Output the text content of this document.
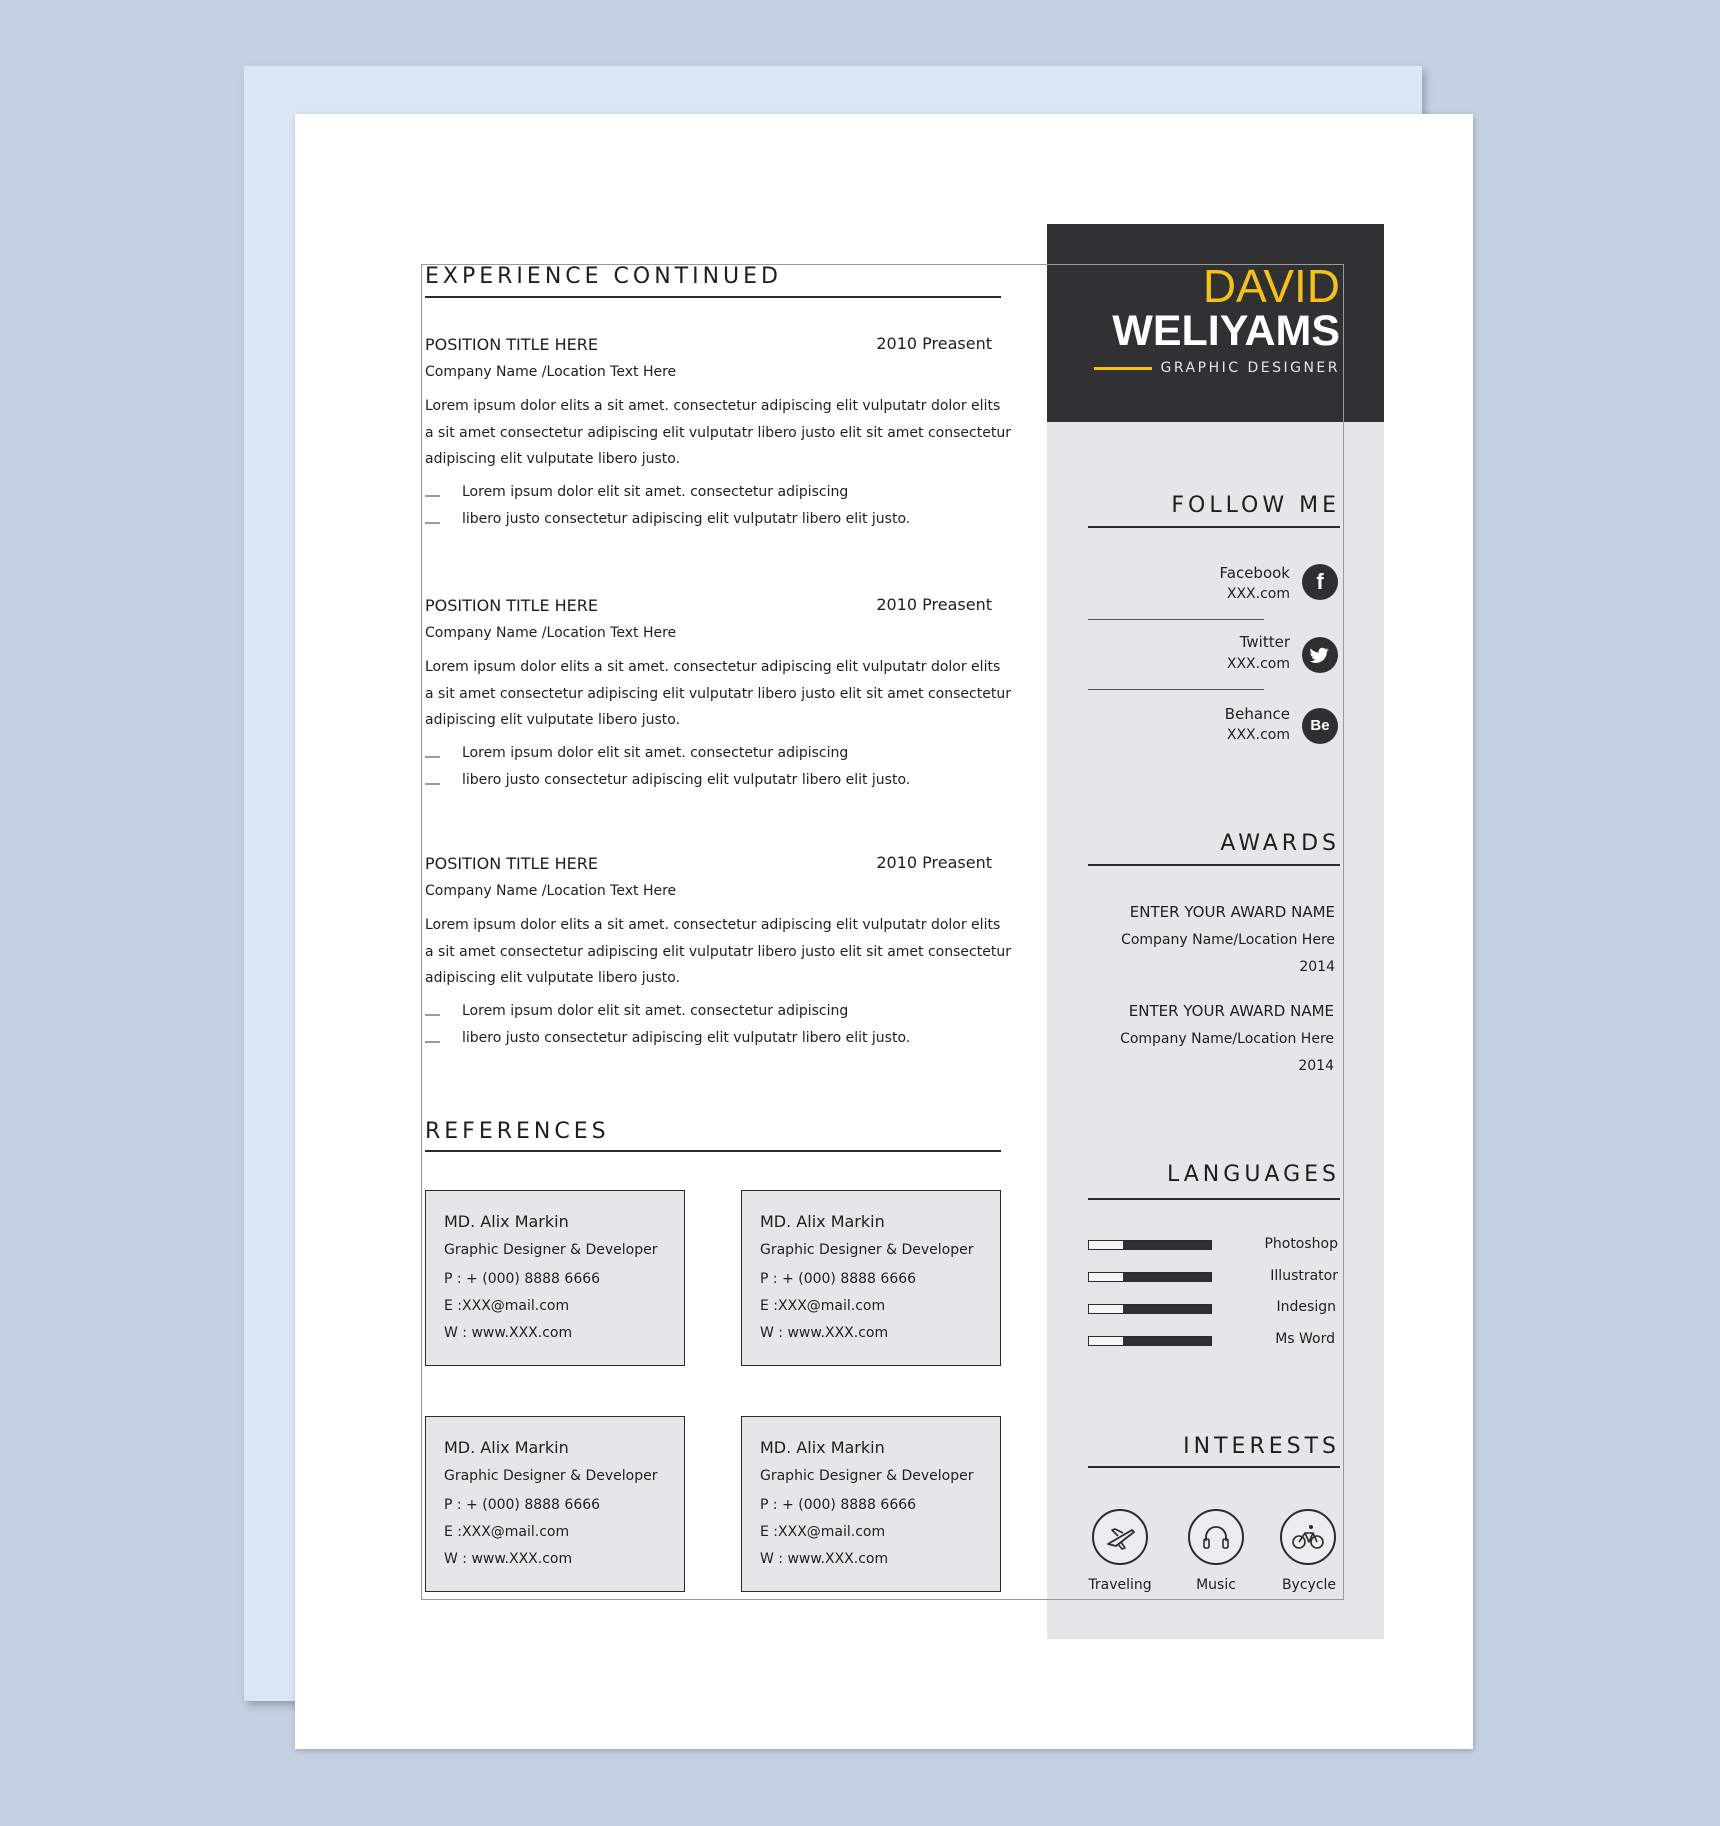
DAVID
WELIYAMS
GRAPHIC DESIGNER
EXPERIENCE CONTINUED
POSITION TITLE HERE	2010 Preasent
Company Name /Location Text Here
Lorem ipsum dolor elits a sit amet. consectetur adipiscing elit vulputatr dolor elits
a sit amet consectetur adipiscing elit vulputatr libero justo elit sit amet consectetur
adipiscing elit vulputate libero justo.
Lorem ipsum dolor elit sit amet. consectetur adipiscing
libero justo consectetur adipiscing elit vulputatr libero elit justo.
POSITION TITLE HERE	2010 Preasent
Company Name /Location Text Here
Lorem ipsum dolor elits a sit amet. consectetur adipiscing elit vulputatr dolor elits
a sit amet consectetur adipiscing elit vulputatr libero justo elit sit amet consectetur
adipiscing elit vulputate libero justo.
Lorem ipsum dolor elit sit amet. consectetur adipiscing
libero justo consectetur adipiscing elit vulputatr libero elit justo.
POSITION TITLE HERE	2010 Preasent
Company Name /Location Text Here
Lorem ipsum dolor elits a sit amet. consectetur adipiscing elit vulputatr dolor elits
a sit amet consectetur adipiscing elit vulputatr libero justo elit sit amet consectetur
adipiscing elit vulputate libero justo.
Lorem ipsum dolor elit sit amet. consectetur adipiscing
libero justo consectetur adipiscing elit vulputatr libero elit justo.
REFERENCES
MD. Alix Markin
Graphic Designer & Developer
P : + (000) 8888 6666
E :XXX@mail.com
W : www.XXX.com
MD. Alix Markin
Graphic Designer & Developer
P : + (000) 8888 6666
E :XXX@mail.com
W : www.XXX.com
MD. Alix Markin
Graphic Designer & Developer
P : + (000) 8888 6666
E :XXX@mail.com
W : www.XXX.com
MD. Alix Markin
Graphic Designer & Developer
P : + (000) 8888 6666
E :XXX@mail.com
W : www.XXX.com
FOLLOW ME
Facebook
XXX.com	f
Twitter
XXX.com
Behance
XXX.com
Be
AWARDS
ENTER YOUR AWARD NAME
Company Name/Location Here
2014
ENTER YOUR AWARD NAME
Company Name/Location Here
2014
LANGUAGES
Photoshop
Illustrator
Indesign
Ms Word
INTERESTS
Traveling	Music	Bycycle
